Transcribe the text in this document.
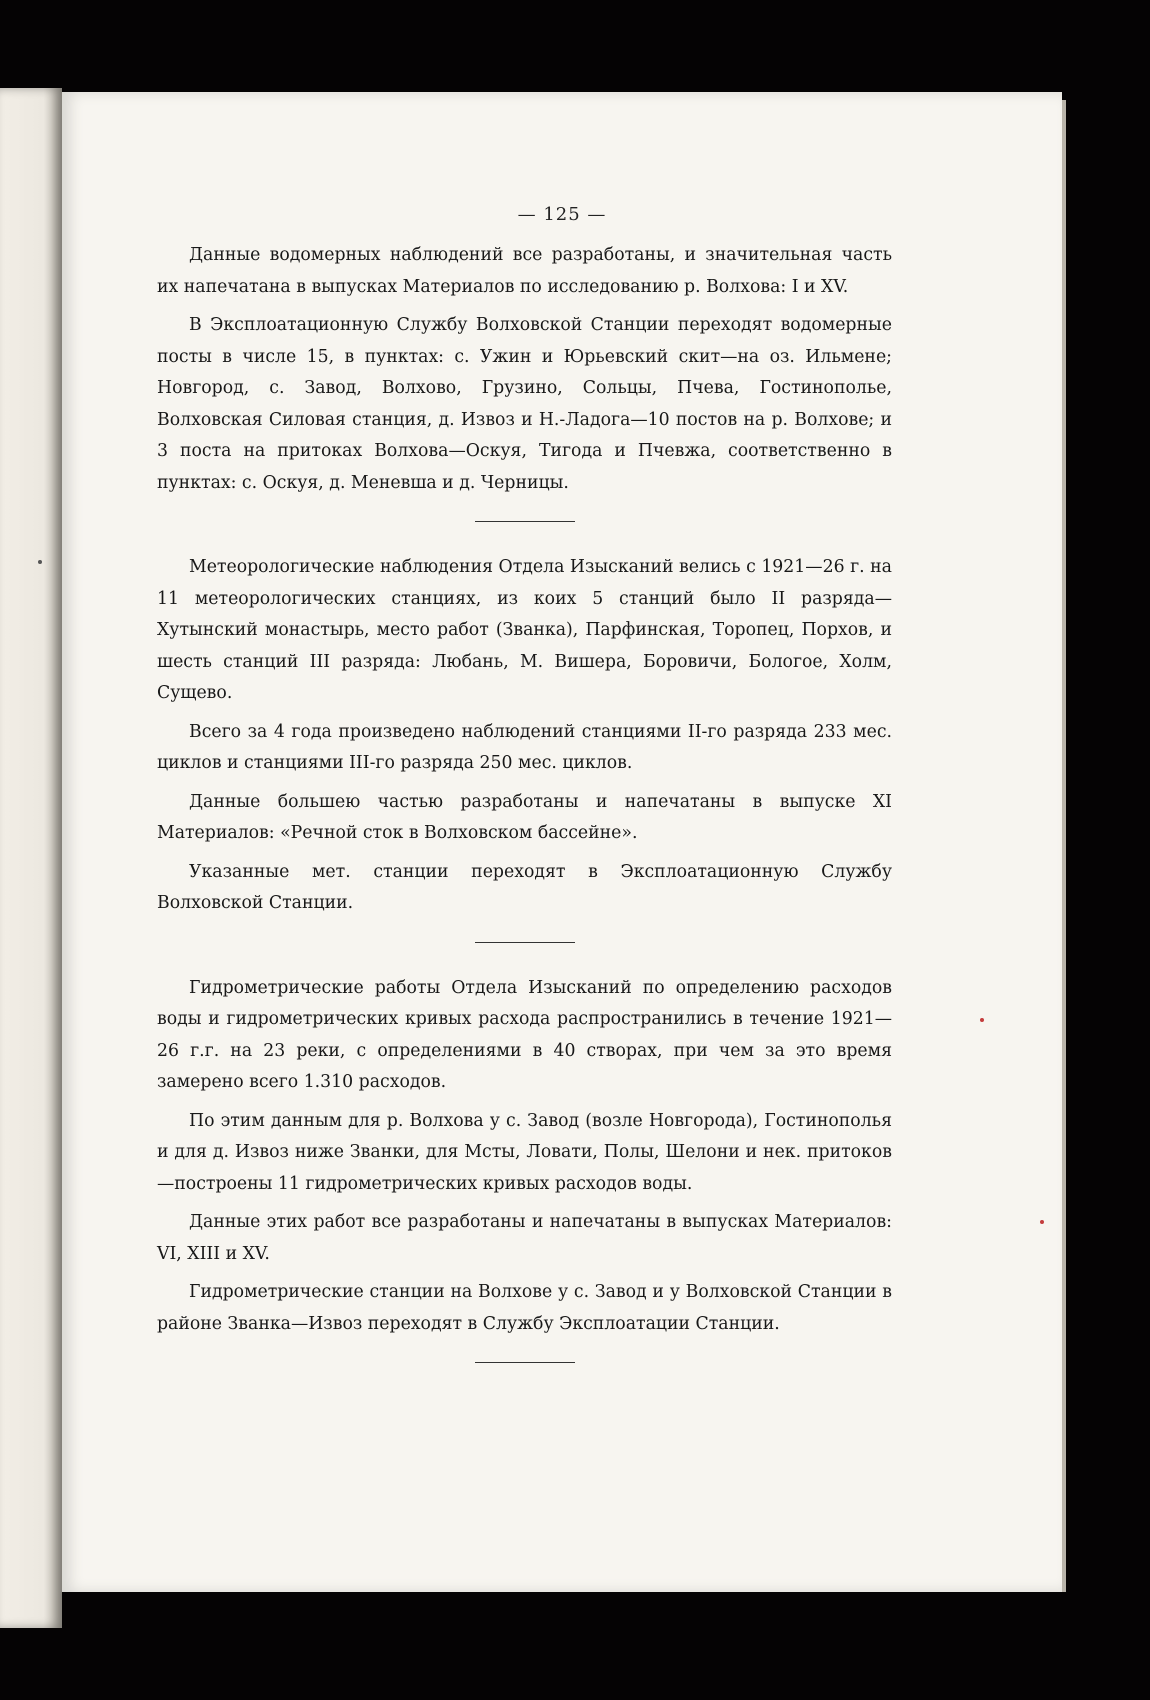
— 125 —

Данные водомерных наблюдений все разработаны, и значительная часть их напечатана в выпусках Материалов по исследованию р. Волхова: I и XV.

В Эксплоатационную Службу Волховской Станции переходят водомерные посты в числе 15, в пунктах: с. Ужин и Юрьевский скит—на оз. Ильмене; Новгород, с. Завод, Волхово, Грузино, Сольцы, Пчева, Гостинополье, Волховская Силовая станция, д. Извоз и Н.-Ладога—10 постов на р. Волхове; и 3 поста на притоках Волхова—Оскуя, Тигода и Пчевжа, соответственно в пунктах: с. Оскуя, д. Меневша и д. Черницы.

Метеорологические наблюдения Отдела Изысканий велись с 1921—26 г. на 11 метеорологических станциях, из коих 5 станций было II разряда—Хутынский монастырь, место работ (Званка), Парфинская, Торопец, Порхов, и шесть станций III разряда: Любань, М. Вишера, Боровичи, Бологое, Холм, Сущево.

Всего за 4 года произведено наблюдений станциями II-го разряда 233 мес. циклов и станциями III-го разряда 250 мес. циклов.

Данные большею частью разработаны и напечатаны в выпуске XI Материалов: «Речной сток в Волховском бассейне».

Указанные мет. станции переходят в Эксплоатационную Службу Волховской Станции.

Гидрометрические работы Отдела Изысканий по определению расходов воды и гидрометрических кривых расхода распространились в течение 1921—26 г.г. на 23 реки, с определениями в 40 створах, при чем за это время замерено всего 1.310 расходов.

По этим данным для р. Волхова у с. Завод (возле Новгорода), Гостинополья и для д. Извоз ниже Званки, для Мсты, Ловати, Полы, Шелони и нек. притоков—построены 11 гидрометрических кривых расходов воды.

Данные этих работ все разработаны и напечатаны в выпусках Материалов: VI, XIII и XV.

Гидрометрические станции на Волхове у с. Завод и у Волховской Станции в районе Званка—Извоз переходят в Службу Эксплоатации Станции.
